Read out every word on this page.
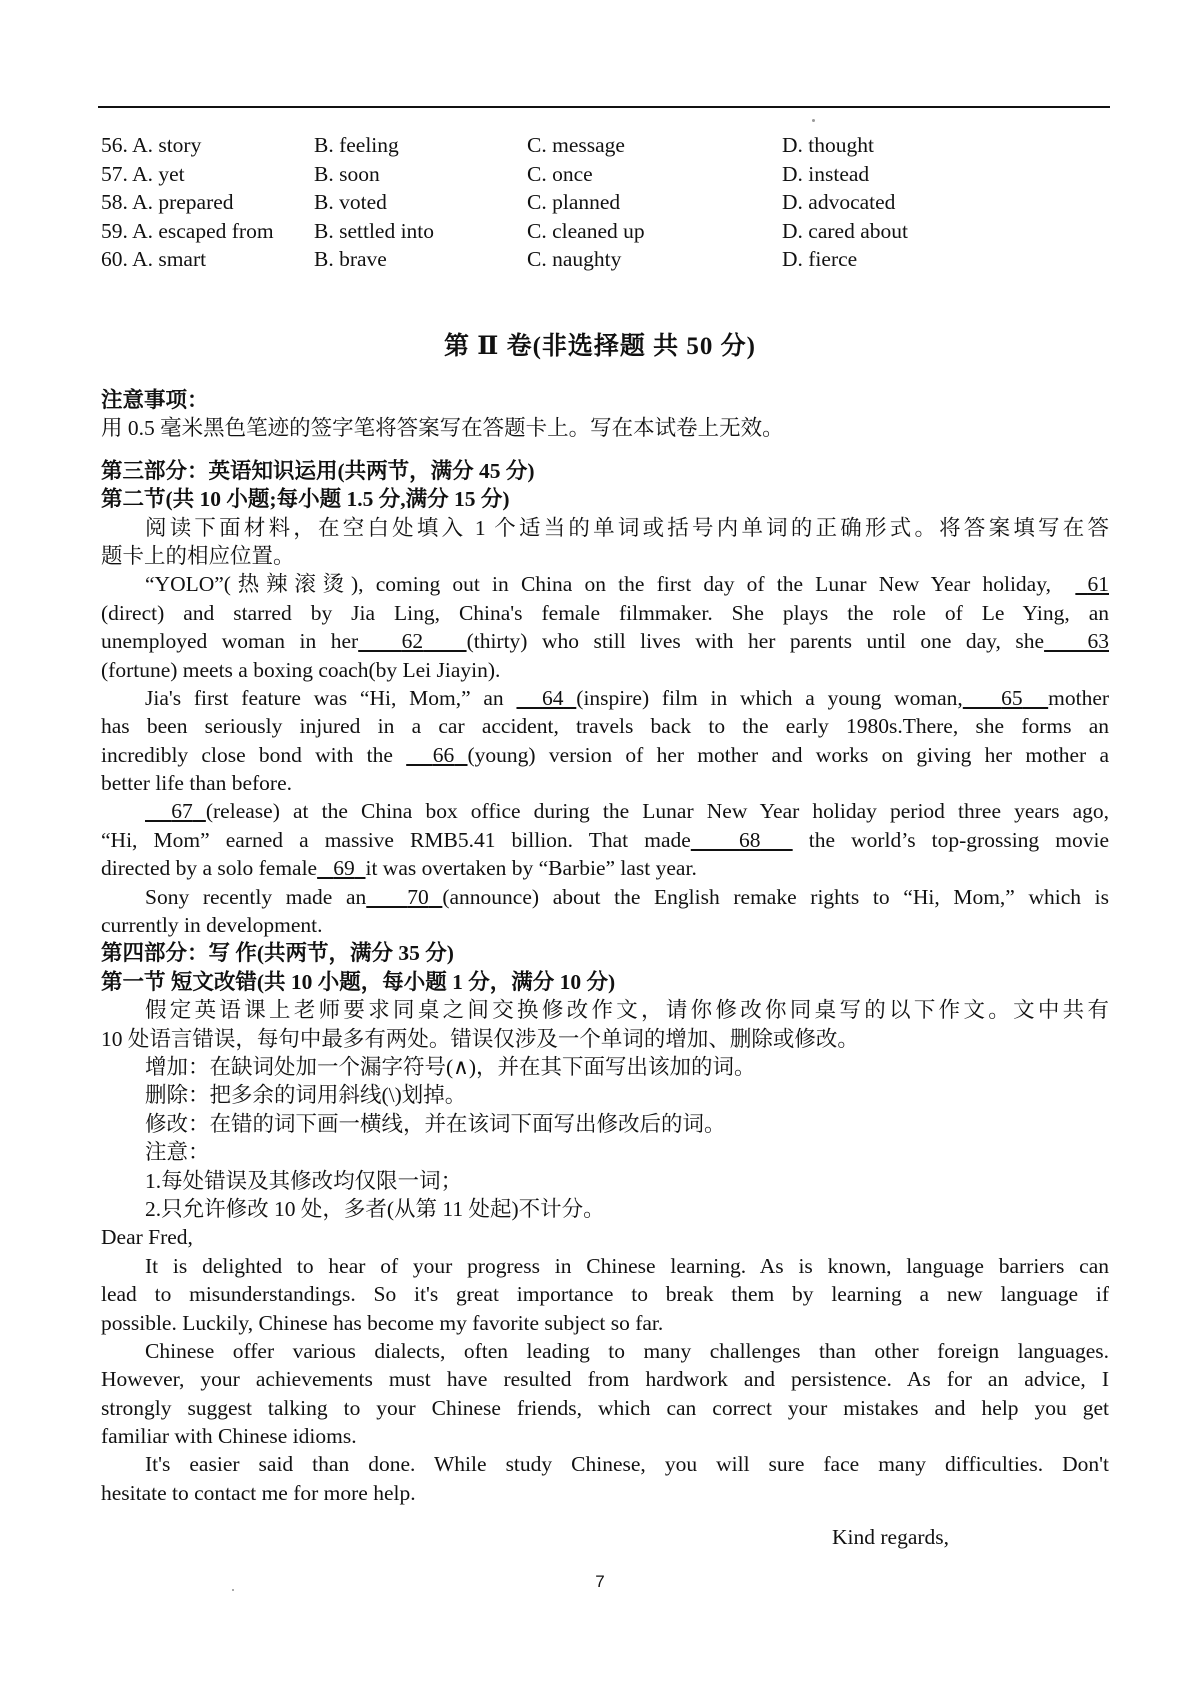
56. A. story	B. feeling	C. message	D. thought
57. A. yet	B. soon	C. once	D. instead
58. A. prepared	B. voted	C. planned	D. advocated
59. A. escaped from B. settled into	C. cleaned up	D. cared about
60. A. smart	B. brave	C. naughty	D. fierce
第 Ⅱ 卷(非选择题 共 50 分)
注意事项：
用 0.5 毫米黑色笔迹的签字笔将答案写在答题卡上。写在本试卷上无效。
第三部分：英语知识运用(共两节，满分 45 分)
第二节(共 10 小题;每小题 1.5 分,满分 15 分)
阅读下面材料，在空白处填入 1 个适当的单词或括号内单词的正确形式。将答案填写在答
题卡上的相应位置。
“YOLO”(热辣滚烫), coming out in China on the first day of the Lunar New Year holiday, 61
(direct) and starred by Jia Ling, China's female filmmaker. She plays the role of Le Ying, an
unemployed woman in her 62 (thirty) who still lives with her parents until one day, she 63
(fortune) meets a boxing coach(by Lei Jiayin).
Jia's first feature was “Hi, Mom,” an 64 (inspire) film in which a young woman, 65 mother
has been seriously injured in a car accident, travels back to the early 1980s.There, she forms an
incredibly close bond with the 66 (young) version of her mother and works on giving her mother a
better life than before.
67 (release) at the China box office during the Lunar New Year holiday period three years ago,
“Hi, Mom” earned a massive RMB5.41 billion. That made 68 the world’s top-grossing movie
directed by a solo female 69 it was overtaken by “Barbie” last year.
Sony recently made an 70 (announce) about the English remake rights to “Hi, Mom,” which is
currently in development.
第四部分：写 作(共两节，满分 35 分)
第一节 短文改错(共 10 小题，每小题 1 分，满分 10 分)
假定英语课上老师要求同桌之间交换修改作文，请你修改你同桌写的以下作文。文中共有
10 处语言错误，每句中最多有两处。错误仅涉及一个单词的增加、删除或修改。
增加：在缺词处加一个漏字符号(∧)，并在其下面写出该加的词。
删除：把多余的词用斜线(\)划掉。
修改：在错的词下画一横线，并在该词下面写出修改后的词。
注意：
1.每处错误及其修改均仅限一词；
2.只允许修改 10 处，多者(从第 11 处起)不计分。
Dear Fred,
It is delighted to hear of your progress in Chinese learning. As is known, language barriers can
lead to misunderstandings. So it's great importance to break them by learning a new language if
possible. Luckily, Chinese has become my favorite subject so far.
Chinese offer various dialects, often leading to many challenges than other foreign languages.
However, your achievements must have resulted from hardwork and persistence. As for an advice, I
strongly suggest talking to your Chinese friends, which can correct your mistakes and help you get
familiar with Chinese idioms.
It's easier said than done. While study Chinese, you will sure face many difficulties. Don't
hesitate to contact me for more help.
Kind regards,
7
